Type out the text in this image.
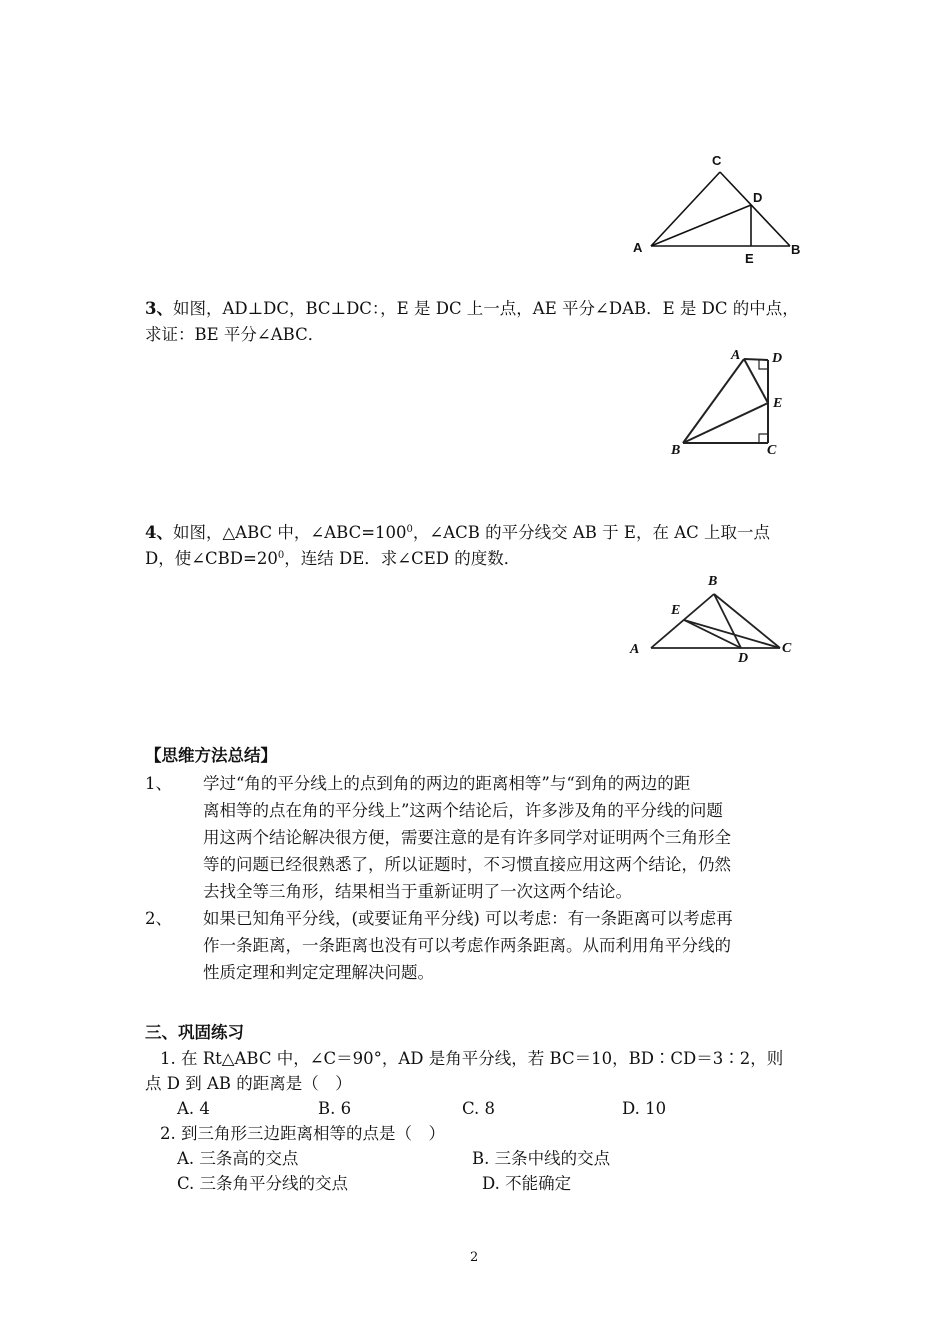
C
D
A
E
B
3、如图，AD⊥DC，BC⊥DC：，E 是 DC 上一点，AE 平分∠DAB．E 是 DC 的中点，
求证：BE 平分∠ABC．
A D
E
B	C
4、如图，△ABC 中，$\angle ABC=100^0$，∠ACB 的平分线交 AB 于 E，在 AC 上取一点
D，使$\angle CBD=20^0$，连结 DE．求∠CED 的度数．
B
E
A
D
C
【思维方法总结】
1、 学过“角的平分线上的点到角的两边的距离相等”与“到角的两边的距
离相等的点在角的平分线上”这两个结论后，许多涉及角的平分线的问题
用这两个结论解决很方便，需要注意的是有许多同学对证明两个三角形全
等的问题已经很熟悉了，所以证题时，不习惯直接应用这两个结论，仍然
去找全等三角形，结果相当于重新证明了一次这两个结论。
2、 如果已知角平分线，(或要证角平分线) 可以考虑：有一条距离可以考虑再
作一条距离，一条距离也没有可以考虑作两条距离。从而利用角平分线的
性质定理和判定定理解决问题。
三、巩固练习
1. 在 Rt△ABC 中，∠C＝90°，AD 是角平分线，若 BC＝10，BD∶CD＝3∶2，则
点 D 到 AB 的距离是（　）
A. 4	B. 6	C. 8	D. 10
2. 到三角形三边距离相等的点是（　）
A. 三条高的交点	B. 三条中线的交点
C. 三条角平分线的交点	D. 不能确定
2
